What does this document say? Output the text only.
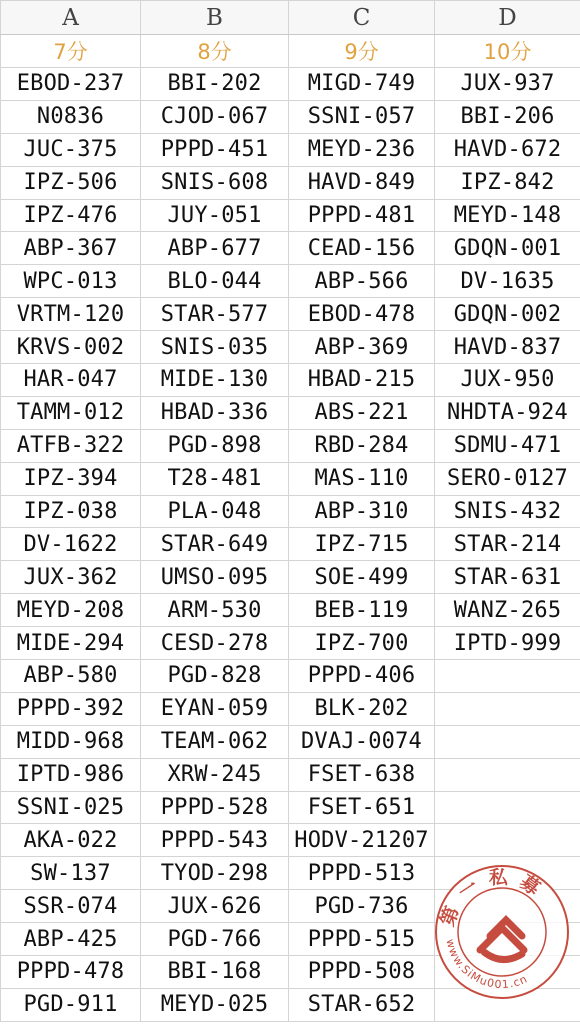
A	B	C	D
7分	8分	9分	10分
EBOD-237	BBI-202	MIGD-749	JUX-937
N0836	CJOD-067	SSNI-057	BBI-206
JUC-375	PPPD-451	MEYD-236	HAVD-672
IPZ-506	SNIS-608	HAVD-849	IPZ-842
IPZ-476	JUY-051	PPPD-481	MEYD-148
ABP-367	ABP-677	CEAD-156	GDQN-001
WPC-013	BLO-044	ABP-566	DV-1635
VRTM-120	STAR-577	EBOD-478	GDQN-002
KRVS-002	SNIS-035	ABP-369	HAVD-837
HAR-047	MIDE-130	HBAD-215	JUX-950
TAMM-012	HBAD-336	ABS-221	NHDTA-924
ATFB-322	PGD-898	RBD-284	SDMU-471
IPZ-394	T28-481	MAS-110	SERO-0127
IPZ-038	PLA-048	ABP-310	SNIS-432
DV-1622	STAR-649	IPZ-715	STAR-214
JUX-362	UMSO-095	SOE-499	STAR-631
MEYD-208	ARM-530	BEB-119	WANZ-265
MIDE-294	CESD-278	IPZ-700	IPTD-999
ABP-580	PGD-828	PPPD-406	
PPPD-392	EYAN-059	BLK-202	
MIDD-968	TEAM-062	DVAJ-0074	
IPTD-986	XRW-245	FSET-638	
SSNI-025	PPPD-528	FSET-651	
AKA-022	PPPD-543	HODV-21207	
SW-137	TYOD-298	PPPD-513	
SSR-074	JUX-626	PGD-736	
ABP-425	PGD-766	PPPD-515	
PPPD-478	BBI-168	PPPD-508	
PGD-911	MEYD-025	STAR-652	
第一私募
www.SiMu001.cn
